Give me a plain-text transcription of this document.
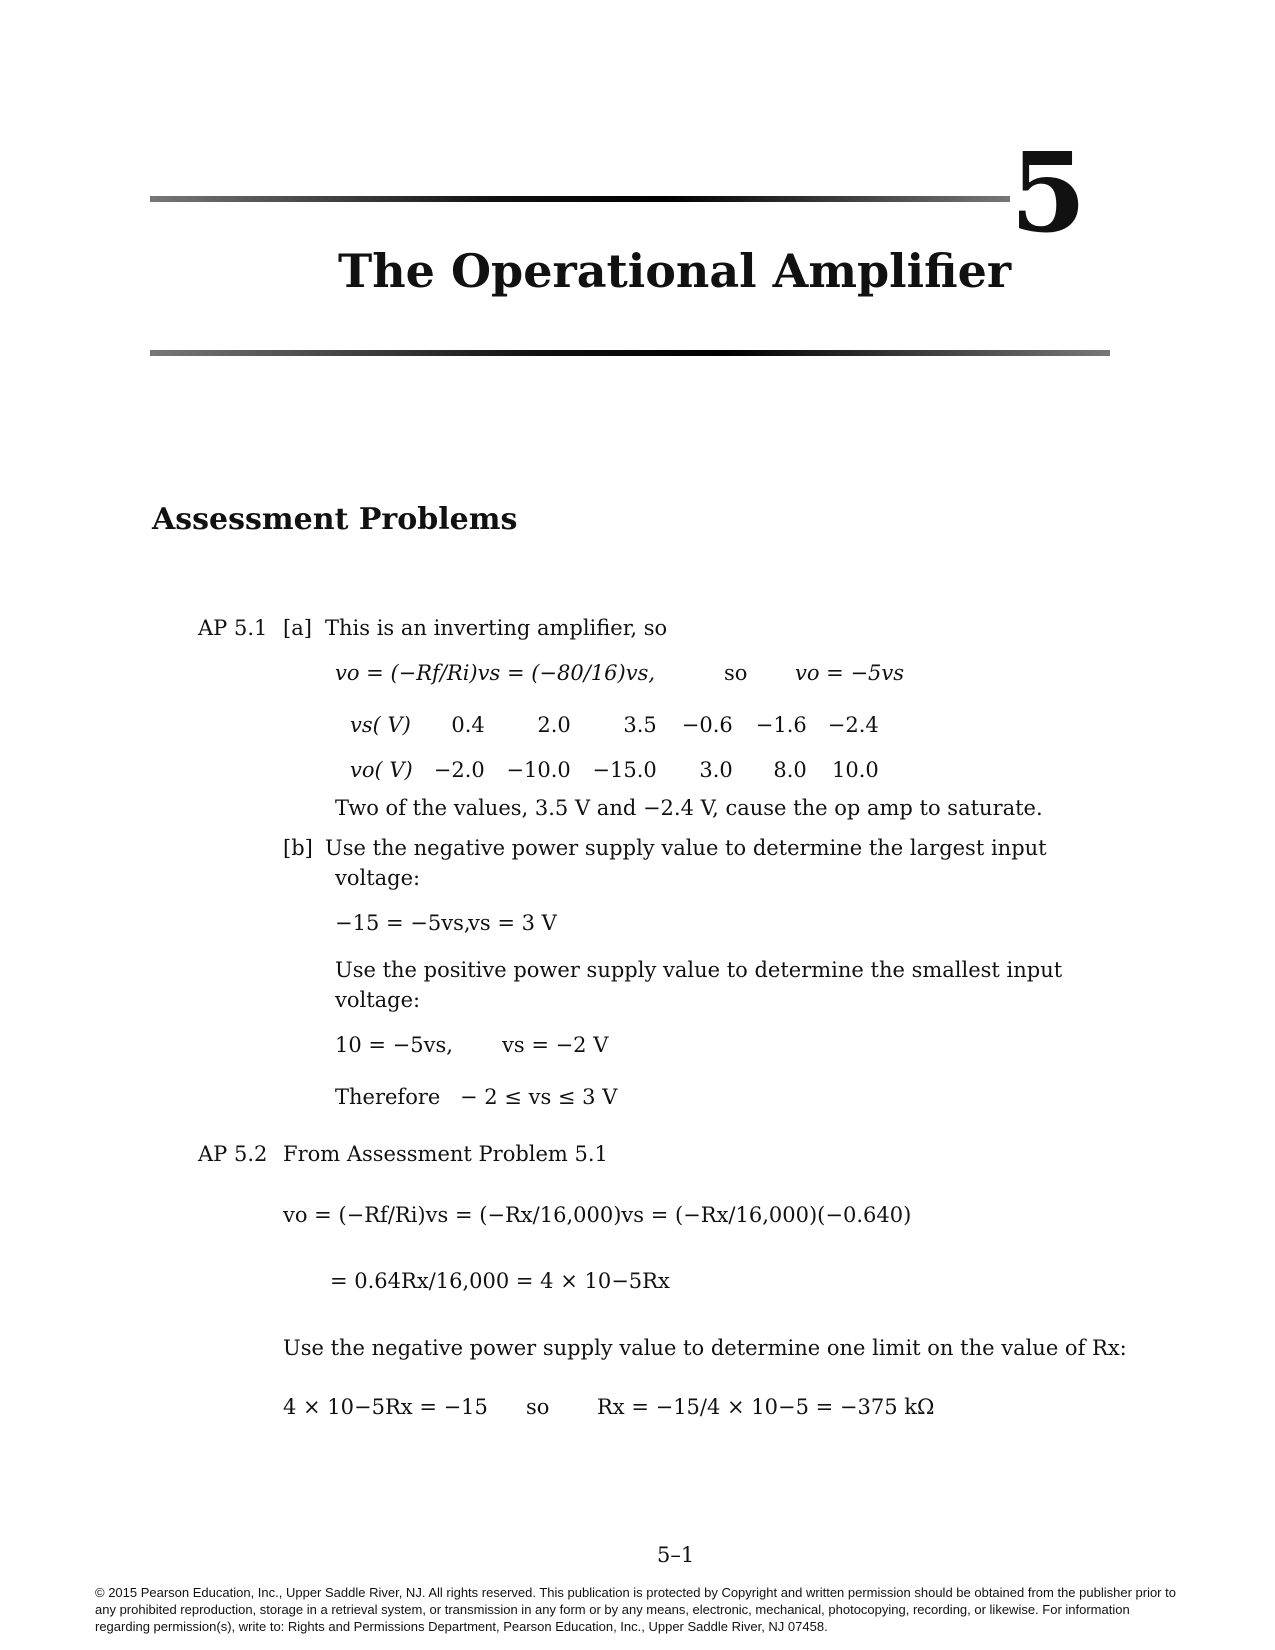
5
The Operational Amplifier
Assessment Problems
AP 5.1 [a] This is an inverting amplifier, so
vo = (−Rf/Ri)vs = (−80/16)vs,	so vo = −5vs
vs( V)	0.4	2.0	3.5	−0.6	−1.6	−2.4
vo( V)	−2.0	−10.0	−15.0	3.0	8.0	10.0
Two of the values, 3.5 V and −2.4 V, cause the op amp to saturate.
[b] Use the negative power supply value to determine the largest input
voltage:
−15 = −5vs,
vs = 3 V
Use the positive power supply value to determine the smallest input
voltage:
10 = −5vs, vs = −2 V
Therefore − 2 ≤ vs ≤ 3 V
AP 5.2 From Assessment Problem 5.1
vo = (−Rf/Ri)vs = (−Rx/16,000)vs = (−Rx/16,000)(−0.640)
= 0.64Rx/16,000 = 4 × 10−5Rx
Use the negative power supply value to determine one limit on the value of Rx:
4 × 10−5Rx = −15 so Rx = −15/4 × 10−5 = −375 kΩ
5–1
© 2015 Pearson Education, Inc., Upper Saddle River, NJ. All rights reserved. This publication is protected by Copyright and written permission should be obtained from the publisher prior to any prohibited reproduction, storage in a retrieval system, or transmission in any form or by any means, electronic, mechanical, photocopying, recording, or likewise. For information regarding permission(s), write to: Rights and Permissions Department, Pearson Education, Inc., Upper Saddle River, NJ 07458.
